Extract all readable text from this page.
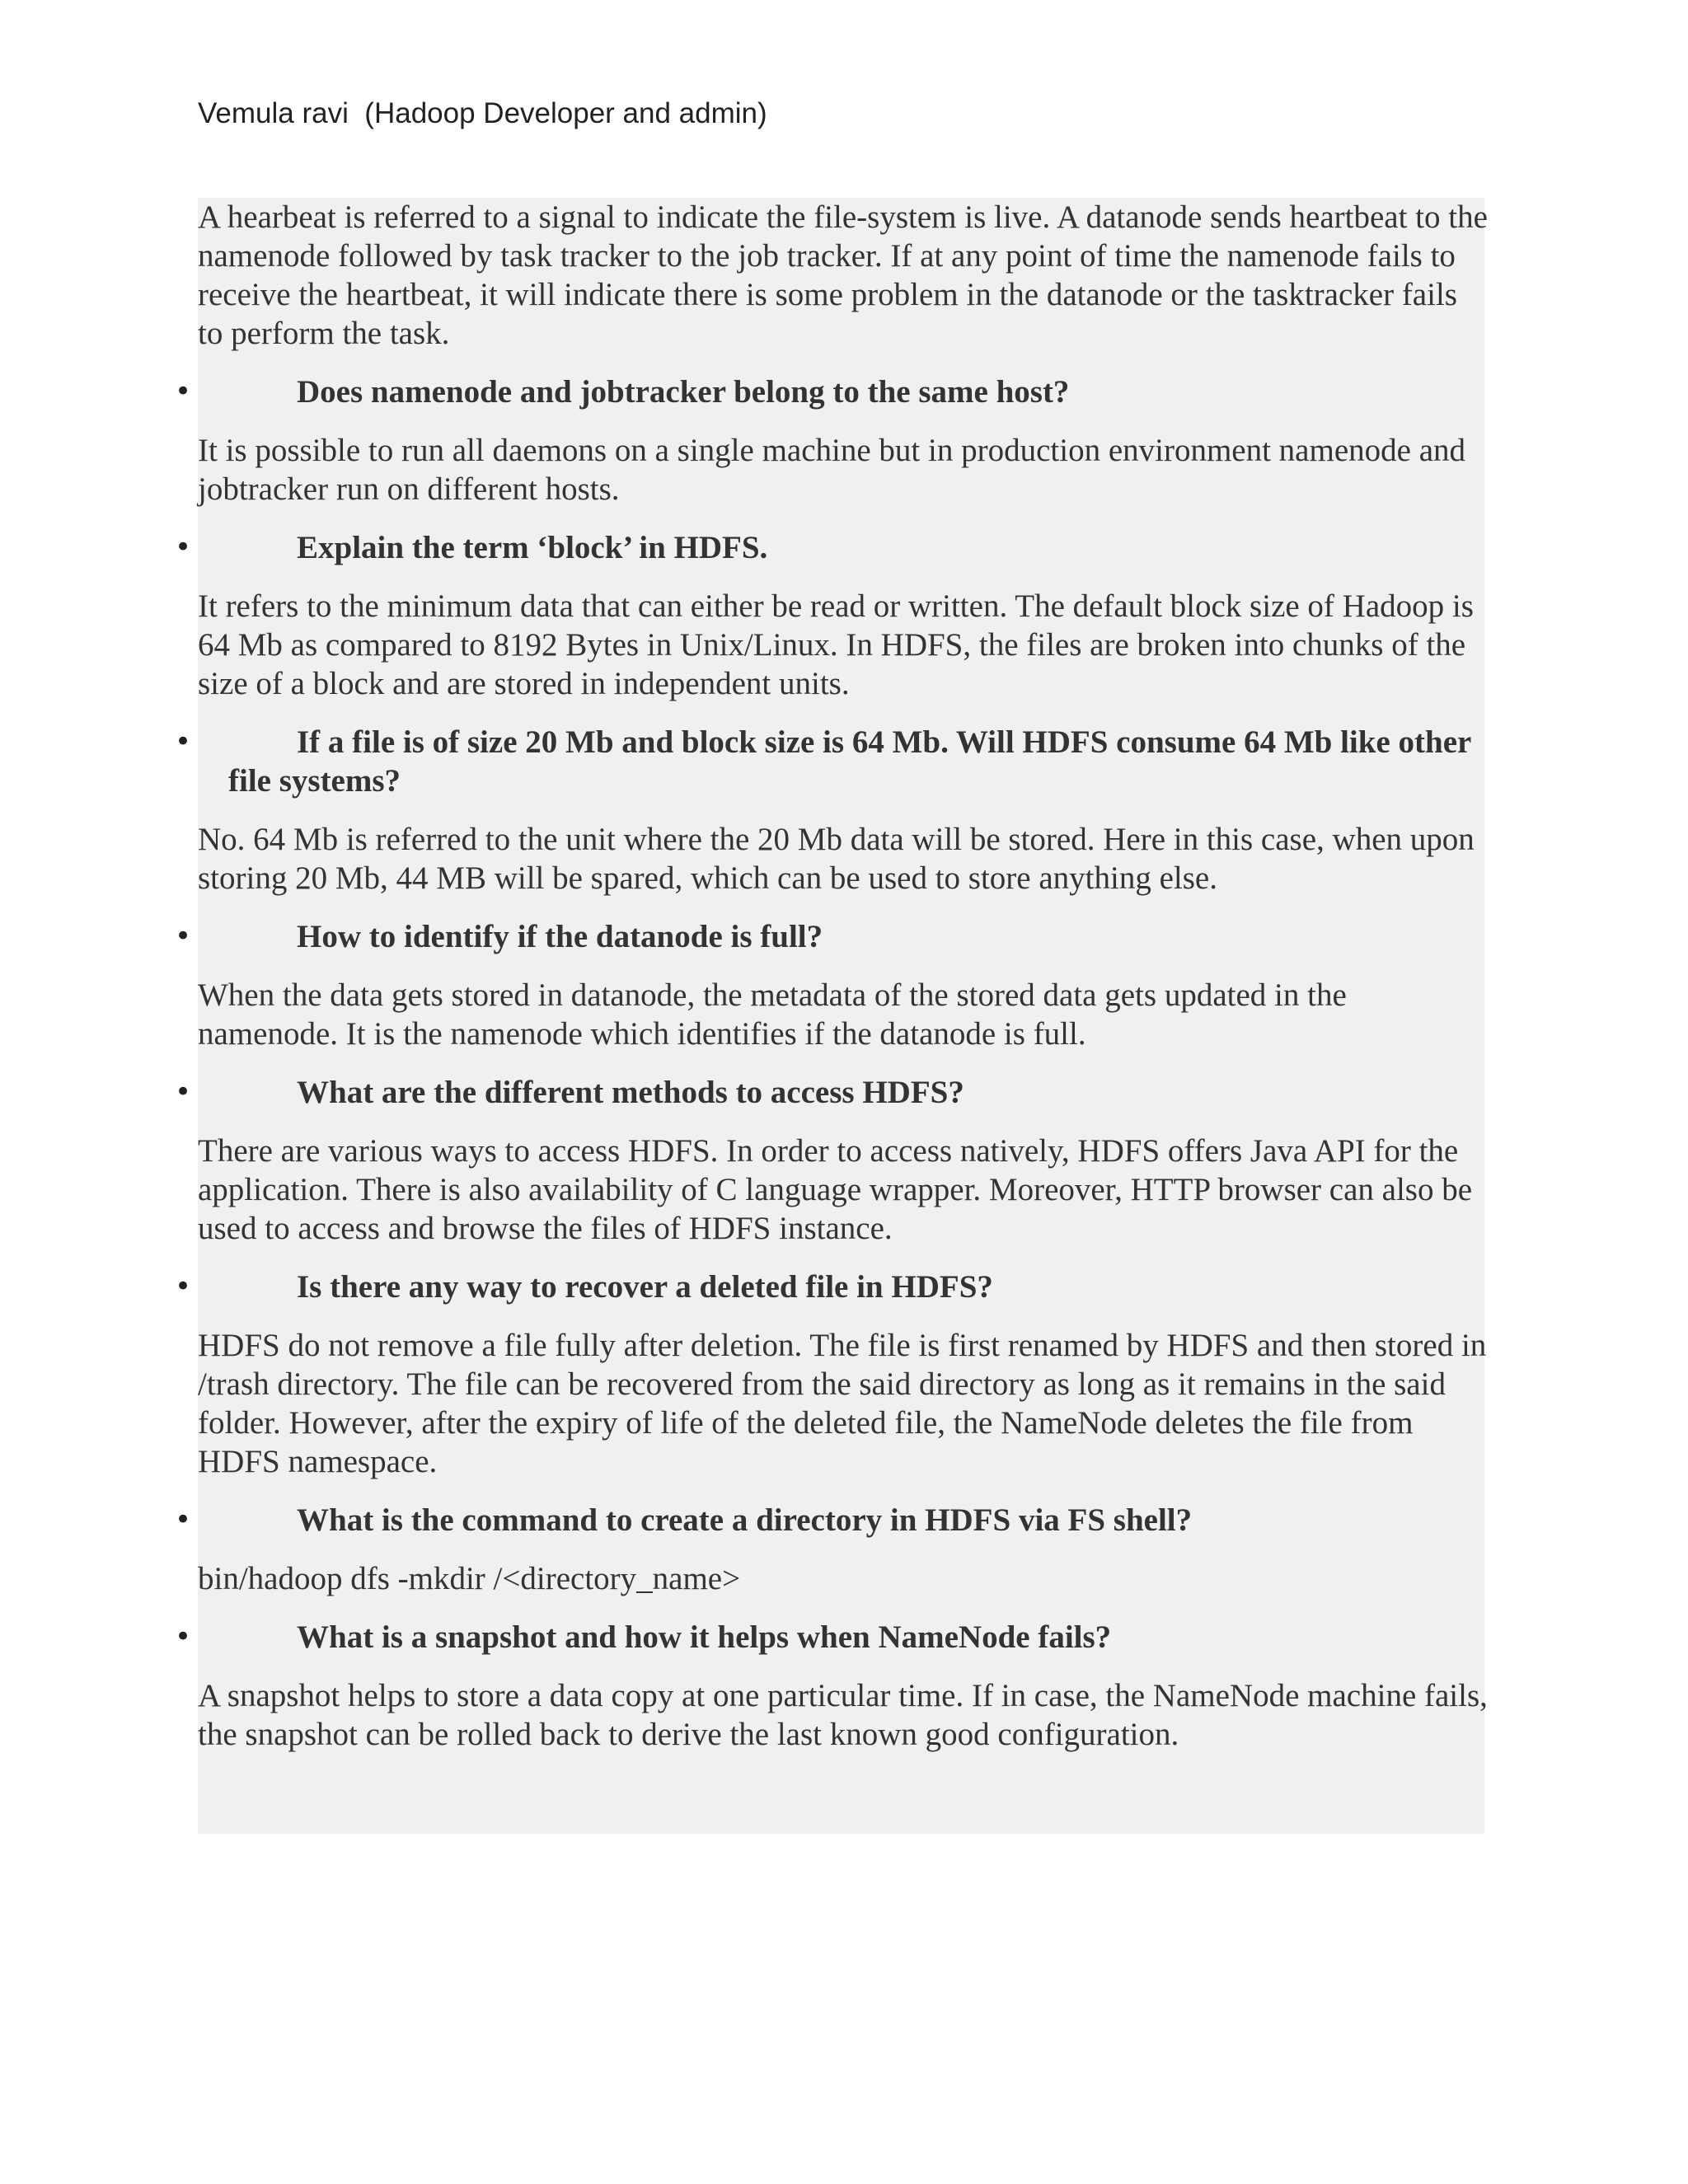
Vemula ravi  (Hadoop Developer and admin)

A hearbeat is referred to a signal to indicate the file-system is live. A datanode sends heartbeat to the namenode followed by task tracker to the job tracker. If at any point of time the namenode fails to receive the heartbeat, it will indicate there is some problem in the datanode or the tasktracker fails to perform the task.

•	Does namenode and jobtracker belong to the same host?

It is possible to run all daemons on a single machine but in production environment namenode and jobtracker run on different hosts.

•	Explain the term ‘block’ in HDFS.

It refers to the minimum data that can either be read or written. The default block size of Hadoop is 64 Mb as compared to 8192 Bytes in Unix/Linux. In HDFS, the files are broken into chunks of the size of a block and are stored in independent units.

•	If a file is of size 20 Mb and block size is 64 Mb. Will HDFS consume 64 Mb like other file systems?

No. 64 Mb is referred to the unit where the 20 Mb data will be stored. Here in this case, when upon storing 20 Mb, 44 MB will be spared, which can be used to store anything else.

•	How to identify if the datanode is full?

When the data gets stored in datanode, the metadata of the stored data gets updated in the namenode. It is the namenode which identifies if the datanode is full.

•	What are the different methods to access HDFS?

There are various ways to access HDFS. In order to access natively, HDFS offers Java API for the application. There is also availability of C language wrapper. Moreover, HTTP browser can also be used to access and browse the files of HDFS instance.

•	Is there any way to recover a deleted file in HDFS?

HDFS do not remove a file fully after deletion. The file is first renamed by HDFS and then stored in /trash directory. The file can be recovered from the said directory as long as it remains in the said folder. However, after the expiry of life of the deleted file, the NameNode deletes the file from HDFS namespace.

•	What is the command to create a directory in HDFS via FS shell?

bin/hadoop dfs -mkdir /<directory_name>

•	What is a snapshot and how it helps when NameNode fails?

A snapshot helps to store a data copy at one particular time. If in case, the NameNode machine fails, the snapshot can be rolled back to derive the last known good configuration.
